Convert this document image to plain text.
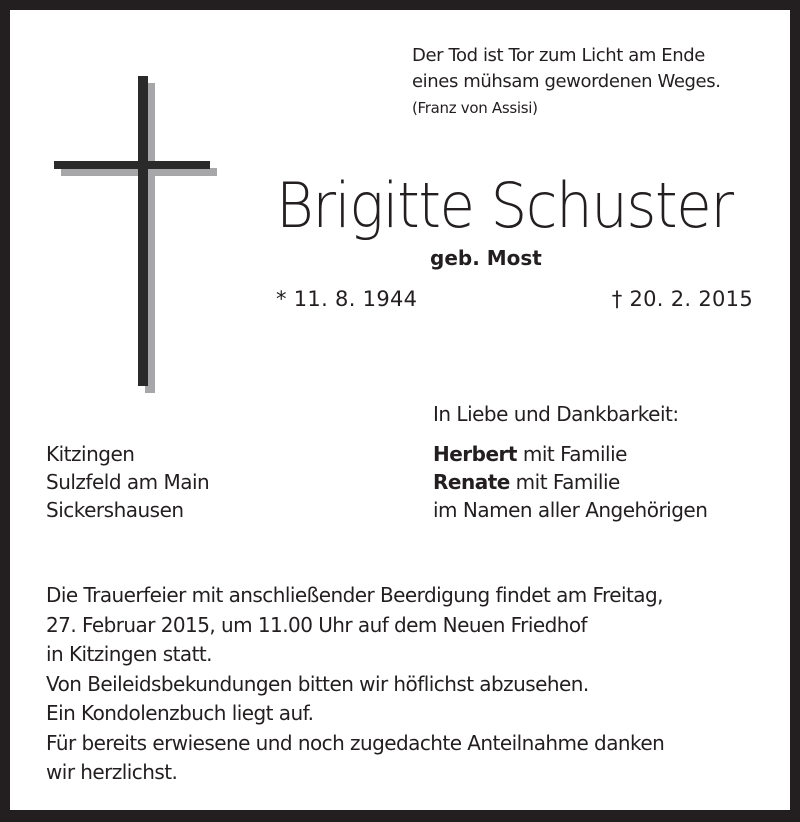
Der Tod ist Tor zum Licht am Ende
eines mühsam gewordenen Weges.
(Franz von Assisi)
Brigitte Schuster
geb. Most
* 11. 8. 1944	† 20. 2. 2015
In Liebe und Dankbarkeit:
Kitzingen
Sulzfeld am Main
Sickershausen
Herbert mit Familie
Renate mit Familie
im Namen aller Angehörigen
Die Trauerfeier mit anschließender Beerdigung findet am Freitag,
27. Februar 2015, um 11.00 Uhr auf dem Neuen Friedhof
in Kitzingen statt.
Von Beileidsbekundungen bitten wir höflichst abzusehen.
Ein Kondolenzbuch liegt auf.
Für bereits erwiesene und noch zugedachte Anteilnahme danken
wir herzlichst.
